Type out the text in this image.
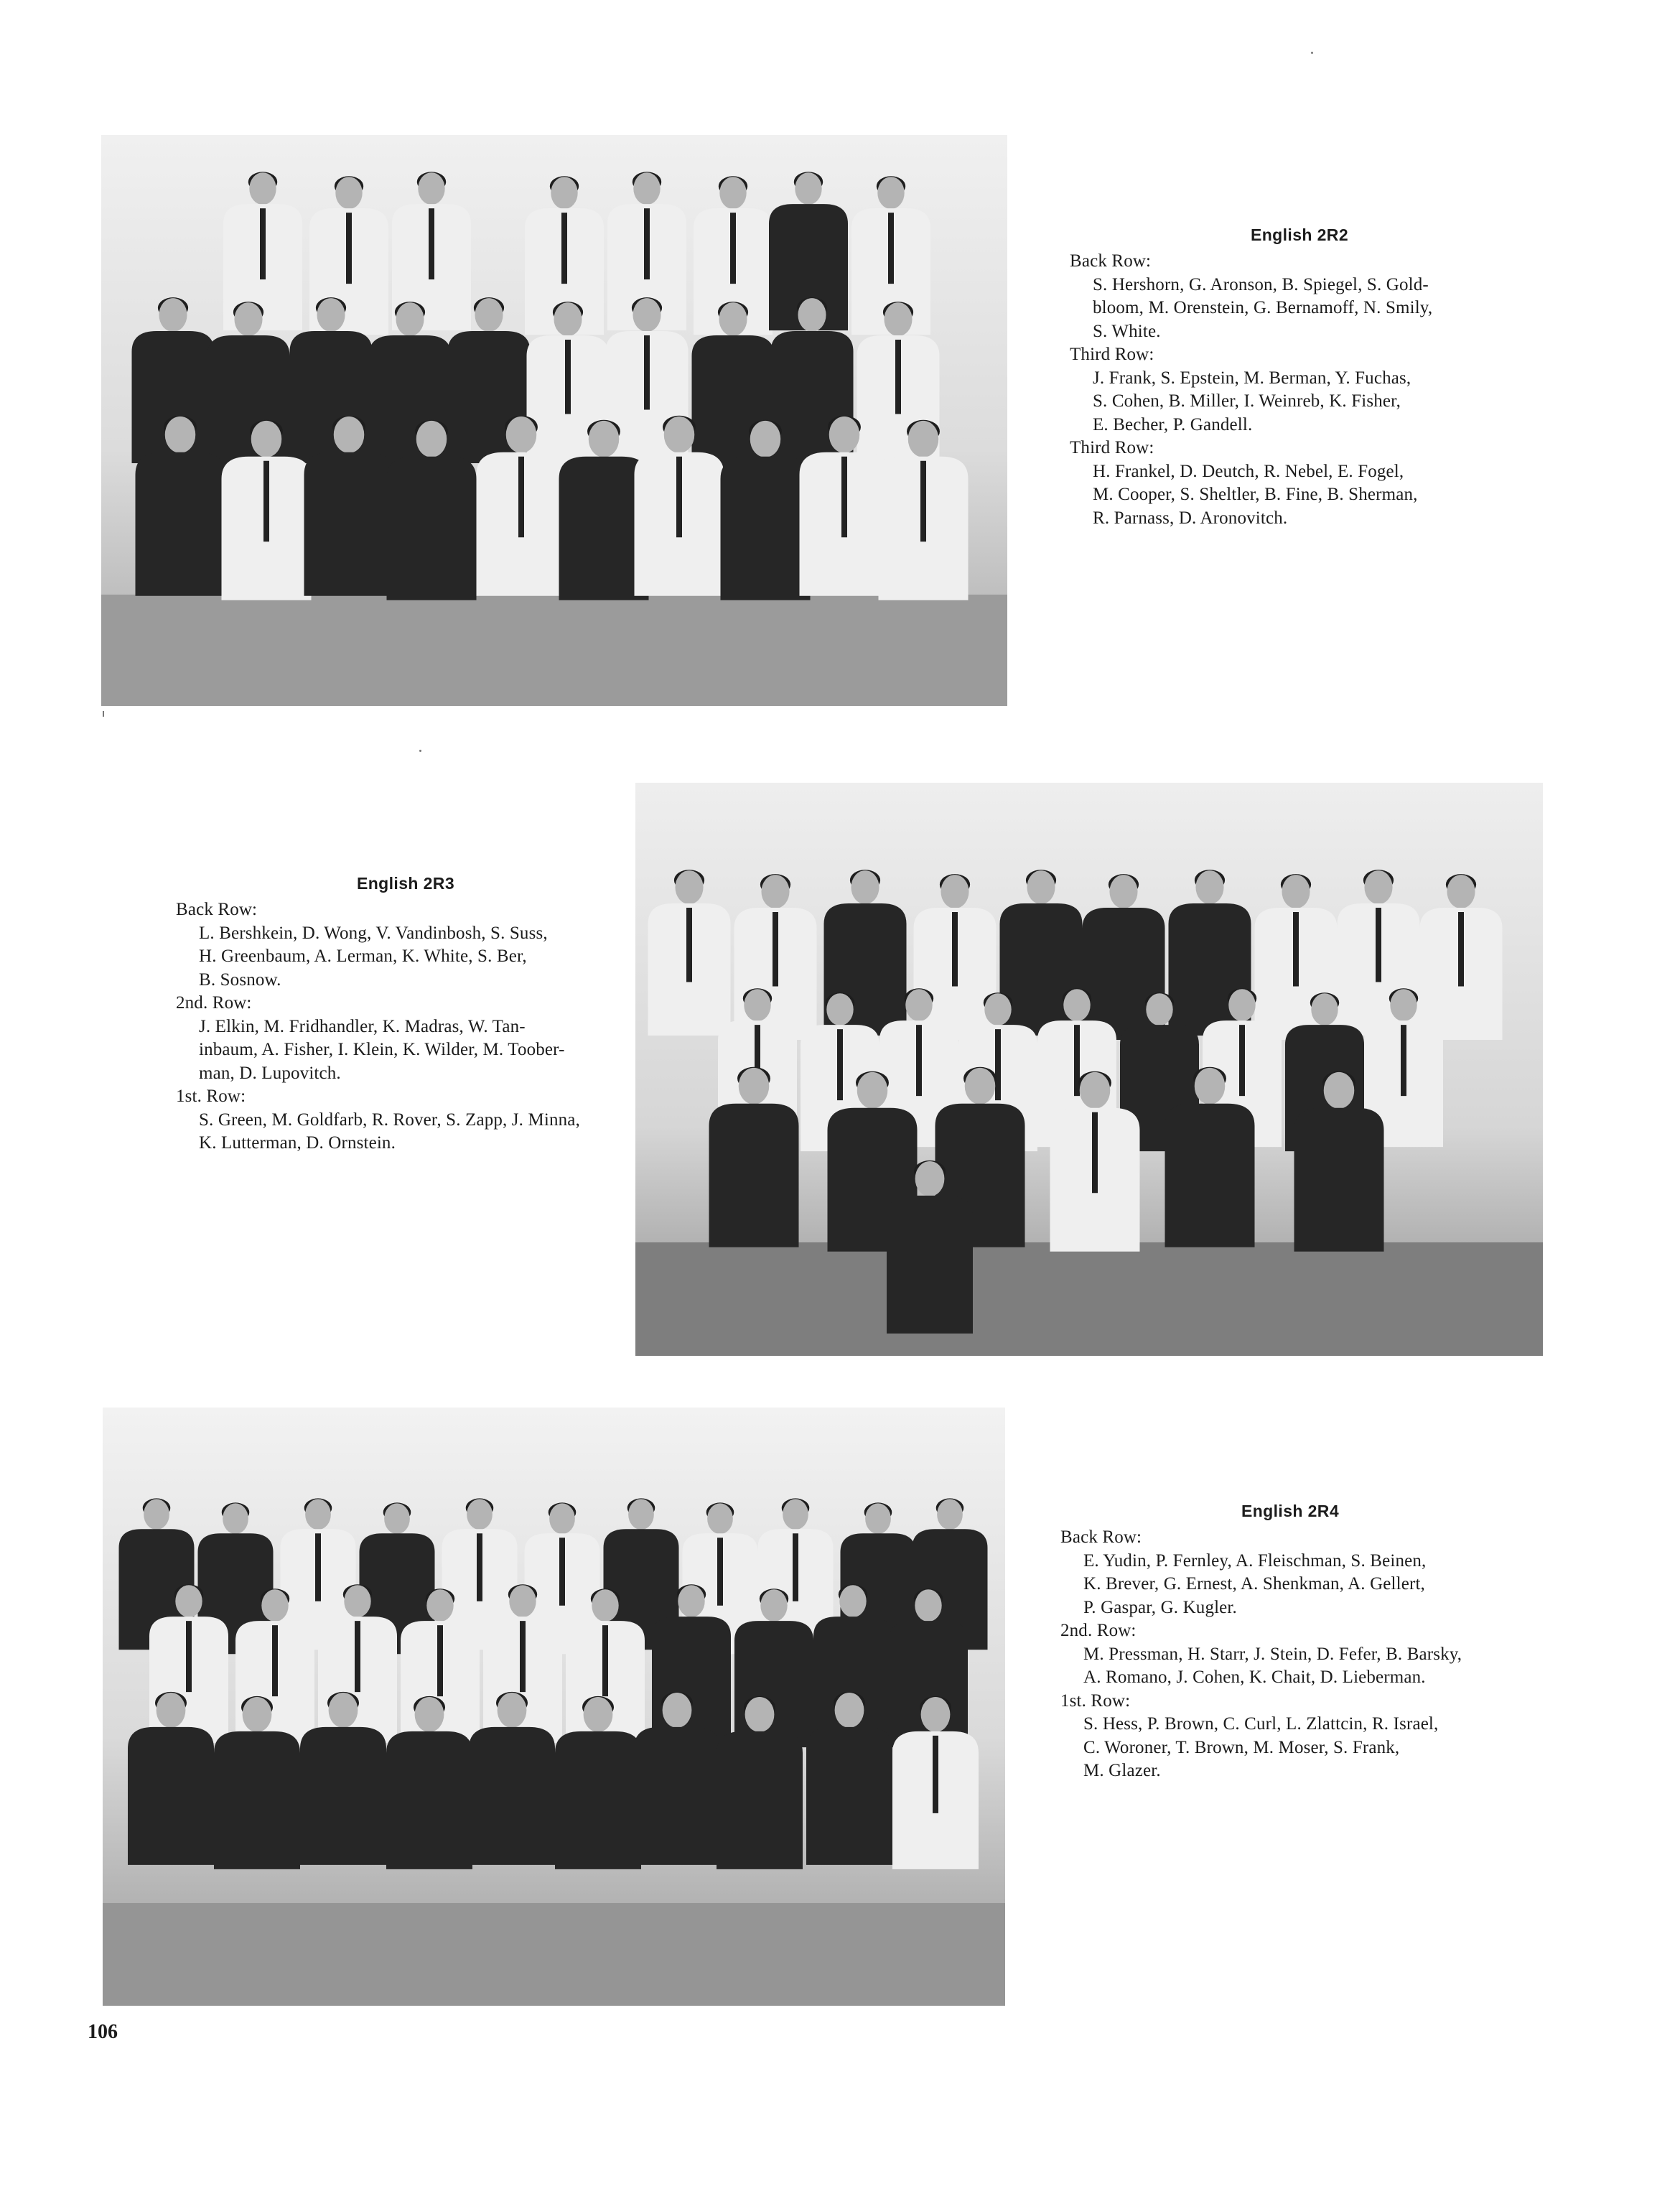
English 2R2

Back Row:

S. Hershorn, G. Aronson, B. Spiegel, S. Gold-

bloom, M. Orenstein, G. Bernamoff, N. Smily,

S. White.

Third Row:

J. Frank, S. Epstein, M. Berman, Y. Fuchas,

S. Cohen, B. Miller, I. Weinreb, K. Fisher,

E. Becher, P. Gandell.

Third Row:

H. Frankel, D. Deutch, R. Nebel, E. Fogel,

M. Cooper, S. Sheltler, B. Fine, B. Sherman,

R. Parnass, D. Aronovitch.

English 2R3

Back Row:

L. Bershkein, D. Wong, V. Vandinbosh, S. Suss,

H. Greenbaum, A. Lerman, K. White, S. Ber,

B. Sosnow.

2nd. Row:

J. Elkin, M. Fridhandler, K. Madras, W. Tan-

inbaum, A. Fisher, I. Klein, K. Wilder, M. Toober-

man, D. Lupovitch.

1st. Row:

S. Green, M. Goldfarb, R. Rover, S. Zapp, J. Minna,

K. Lutterman, D. Ornstein.

English 2R4

Back Row:

E. Yudin, P. Fernley, A. Fleischman, S. Beinen,

K. Brever, G. Ernest, A. Shenkman, A. Gellert,

P. Gaspar, G. Kugler.

2nd. Row:

M. Pressman, H. Starr, J. Stein, D. Fefer, B. Barsky,

A. Romano, J. Cohen, K. Chait, D. Lieberman.

1st. Row:

S. Hess, P. Brown, C. Curl, L. Zlattcin, R. Israel,

C. Woroner, T. Brown, M. Moser, S. Frank,

M. Glazer.

106
